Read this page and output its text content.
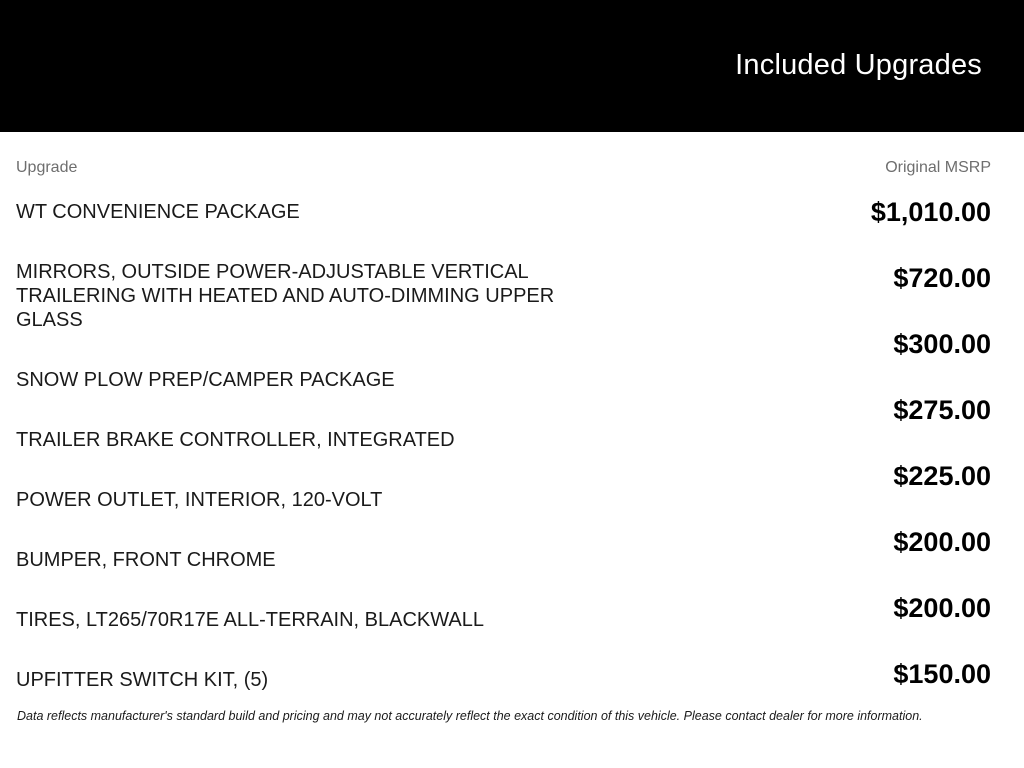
Included Upgrades
Upgrade	Original MSRP
WT CONVENIENCE PACKAGE
MIRRORS, OUTSIDE POWER-ADJUSTABLE VERTICAL TRAILERING WITH HEATED AND AUTO-DIMMING UPPER GLASS
SNOW PLOW PREP/CAMPER PACKAGE
TRAILER BRAKE CONTROLLER, INTEGRATED
POWER OUTLET, INTERIOR, 120-VOLT
BUMPER, FRONT CHROME
TIRES, LT265/70R17E ALL-TERRAIN, BLACKWALL
UPFITTER SWITCH KIT, (5)
$1,010.00
$720.00
$300.00
$275.00
$225.00
$200.00
$200.00
$150.00

Data reflects manufacturer's standard build and pricing and may not accurately reflect the exact condition of this vehicle. Please contact dealer for more information.
